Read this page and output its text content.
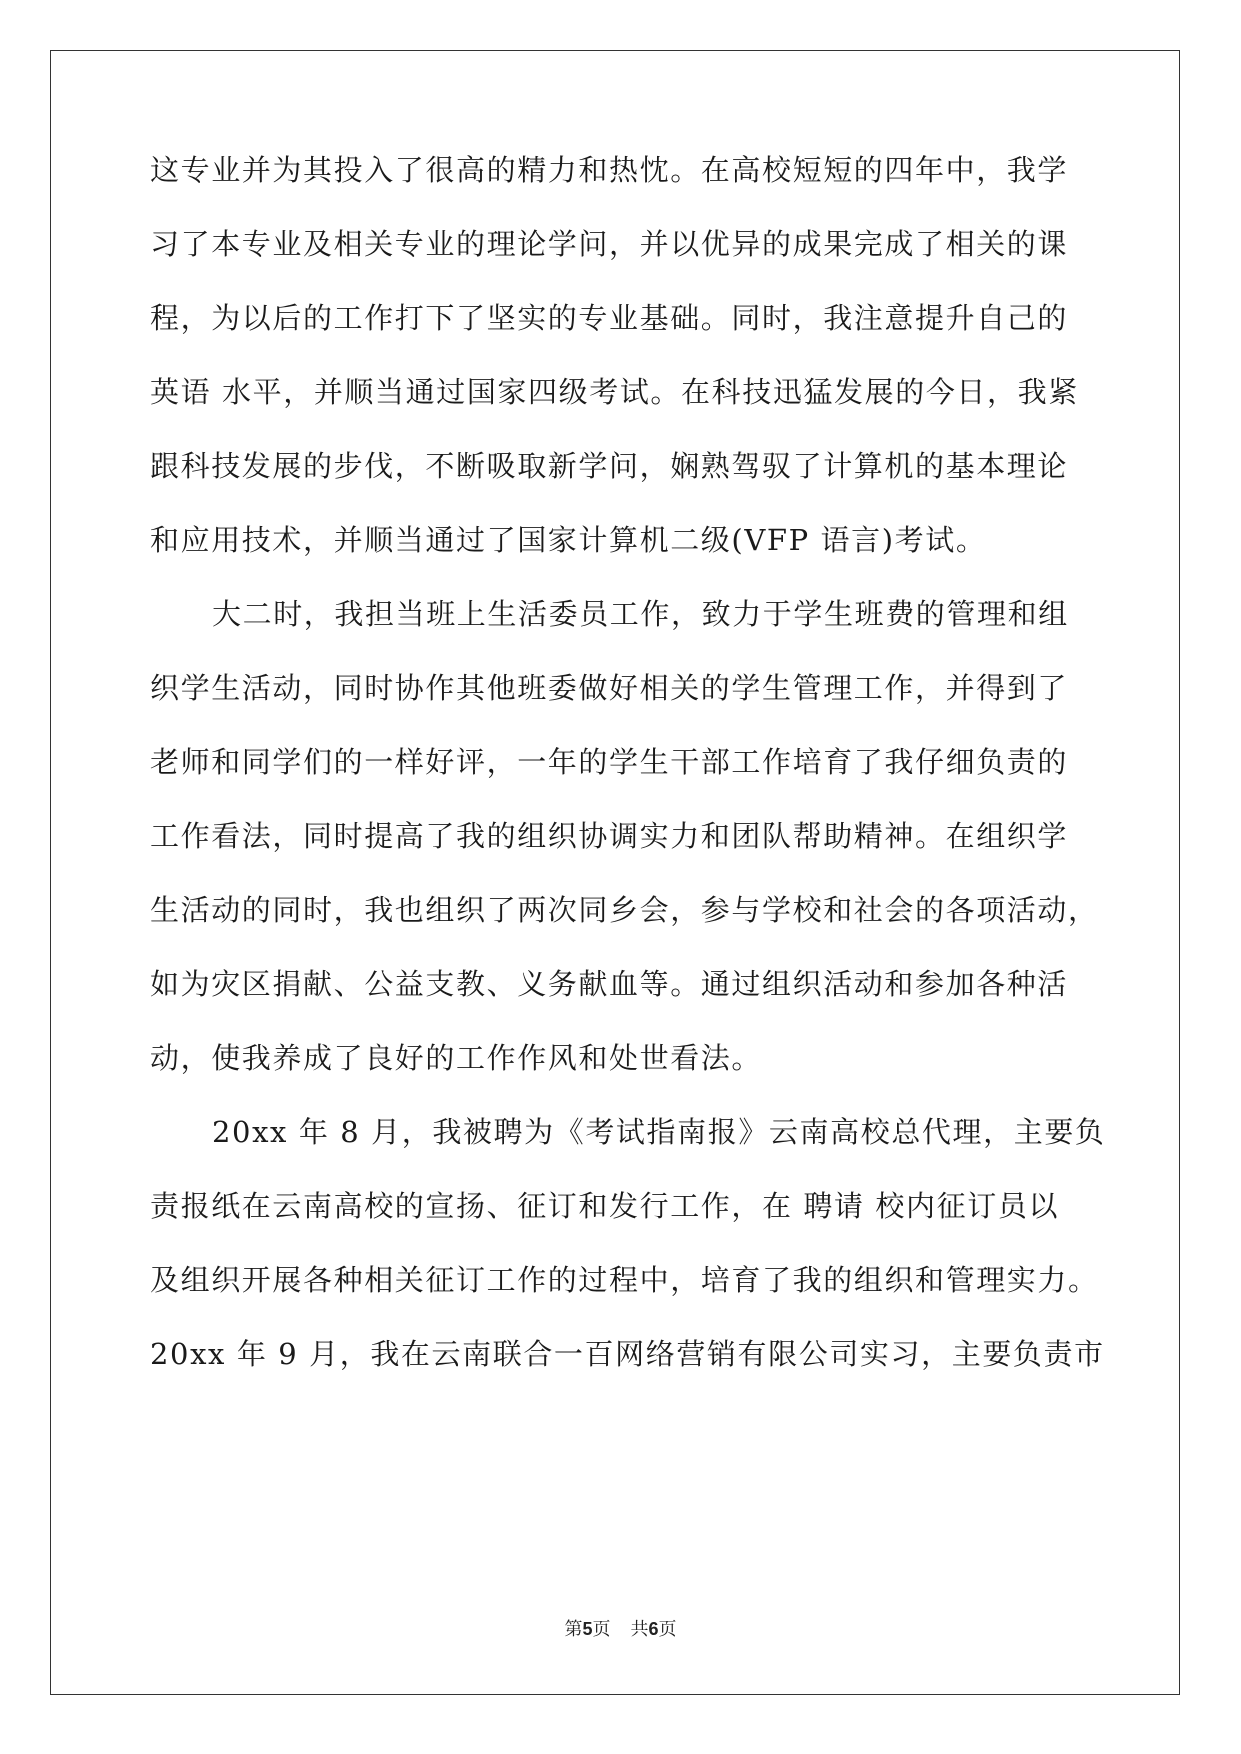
这专业并为其投入了很高的精力和热忱。在高校短短的四年中，我学
习了本专业及相关专业的理论学问，并以优异的成果完成了相关的课
程，为以后的工作打下了坚实的专业基础。同时，我注意提升自己的
英语 水平，并顺当通过国家四级考试。在科技迅猛发展的今日，我紧
跟科技发展的步伐，不断吸取新学问，娴熟驾驭了计算机的基本理论
和应用技术，并顺当通过了国家计算机二级(VFP 语言)考试。
大二时，我担当班上生活委员工作，致力于学生班费的管理和组
织学生活动，同时协作其他班委做好相关的学生管理工作，并得到了
老师和同学们的一样好评，一年的学生干部工作培育了我仔细负责的
工作看法，同时提高了我的组织协调实力和团队帮助精神。在组织学
生活动的同时，我也组织了两次同乡会，参与学校和社会的各项活动，
如为灾区捐献、公益支教、义务献血等。通过组织活动和参加各种活
动，使我养成了良好的工作作风和处世看法。
20xx 年 8 月，我被聘为《考试指南报》云南高校总代理，主要负
责报纸在云南高校的宣扬、征订和发行工作，在 聘请 校内征订员以
及组织开展各种相关征订工作的过程中，培育了我的组织和管理实力。
20xx 年 9 月，我在云南联合一百网络营销有限公司实习，主要负责市
第5页 共6页
